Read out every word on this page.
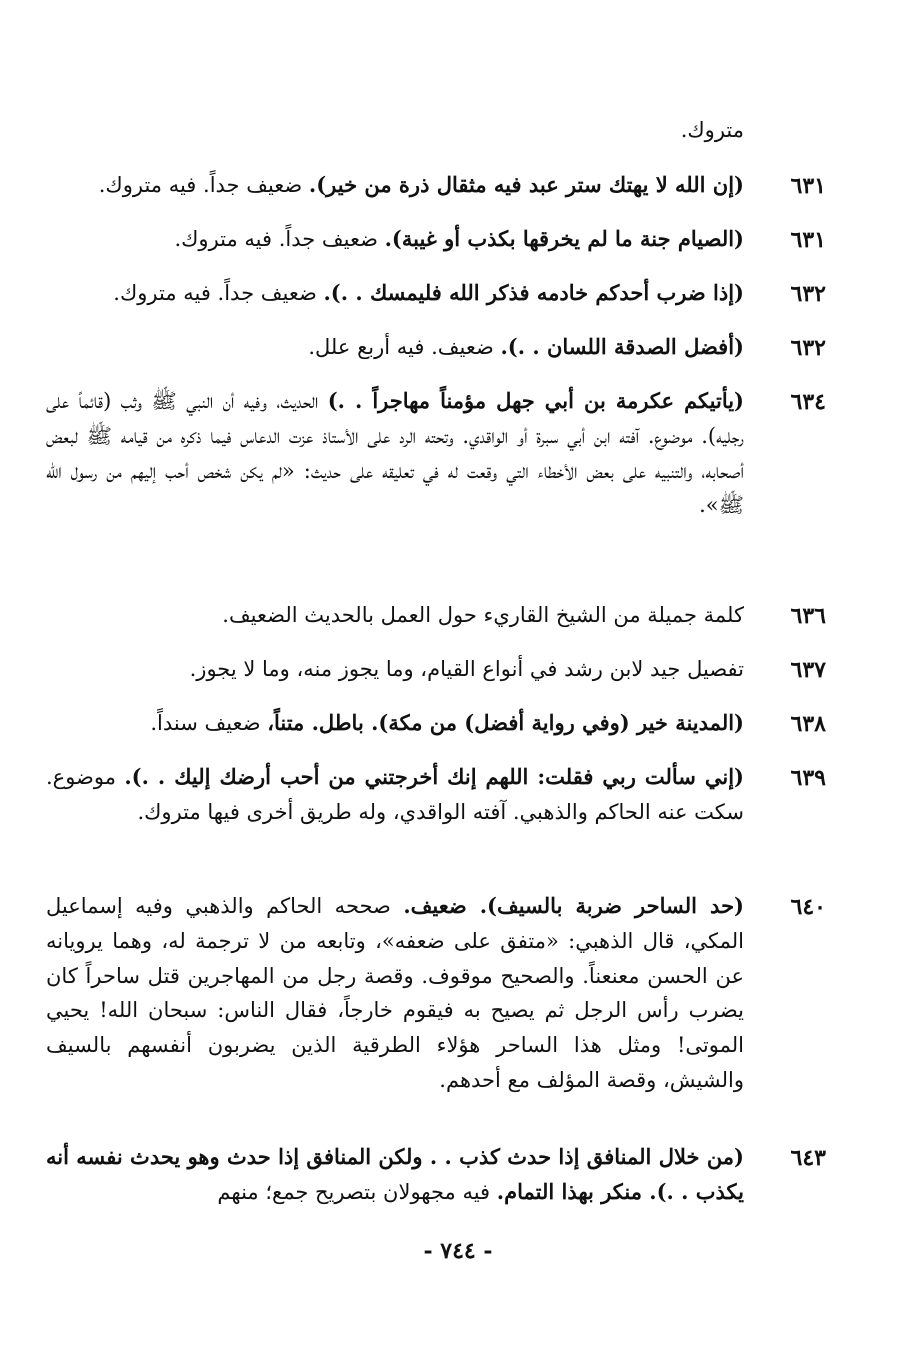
متروك.
٦٣١
(إن الله لا يهتك ستر عبد فيه مثقال ذرة من خير). ضعيف جداً. فيه متروك.
٦٣١
(الصيام جنة ما لم يخرقها بكذب أو غيبة). ضعيف جداً. فيه متروك.
٦٣٢
(إذا ضرب أحدكم خادمه فذكر الله فليمسك . .). ضعيف جداً. فيه متروك.
٦٣٢
(أفضل الصدقة اللسان . .). ضعيف. فيه أربع علل.
٦٣٤
(يأتيكم عكرمة بن أبي جهل مؤمناً مهاجراً . .) الحديث، وفيه أن النبي ﷺ وثب (قائماً على رجليه). موضوع. آفته ابن أبي سبرة أو الواقدي. وتحته الرد على الأستاذ عزت الدعاس فيما ذكره من قيامه ﷺ لبعض أصحابه، والتنبيه على بعض الأخطاء التي وقعت له في تعليقه على حديث: «لم يكن شخص أحب إليهم من رسول الله ﷺ».
٦٣٦
كلمة جميلة من الشيخ القاريء حول العمل بالحديث الضعيف.
٦٣٧
تفصيل جيد لابن رشد في أنواع القيام، وما يجوز منه، وما لا يجوز.
٦٣٨
(المدينة خير (وفي رواية أفضل) من مكة). باطل. متناً، ضعيف سنداً.
٦٣٩
(إني سألت ربي فقلت: اللهم إنك أخرجتني من أحب أرضك إليك . .). موضوع. سكت عنه الحاكم والذهبي. آفته الواقدي، وله طريق أخرى فيها متروك.
٦٤٠
(حد الساحر ضربة بالسيف). ضعيف. صححه الحاكم والذهبي وفيه إسماعيل المكي، قال الذهبي: «متفق على ضعفه»، وتابعه من لا ترجمة له، وهما يرويانه عن الحسن معنعناً. والصحيح موقوف. وقصة رجل من المهاجرين قتل ساحراً كان يضرب رأس الرجل ثم يصيح به فيقوم خارجاً، فقال الناس: سبحان الله! يحيي الموتى! ومثل هذا الساحر هؤلاء الطرقية الذين يضربون أنفسهم بالسيف والشيش، وقصة المؤلف مع أحدهم.
٦٤٣
(من خلال المنافق إذا حدث كذب . . ولكن المنافق إذا حدث وهو يحدث نفسه أنه يكذب . .). منكر بهذا التمام. فيه مجهولان بتصريح جمع؛ منهم
- ٧٤٤ -
